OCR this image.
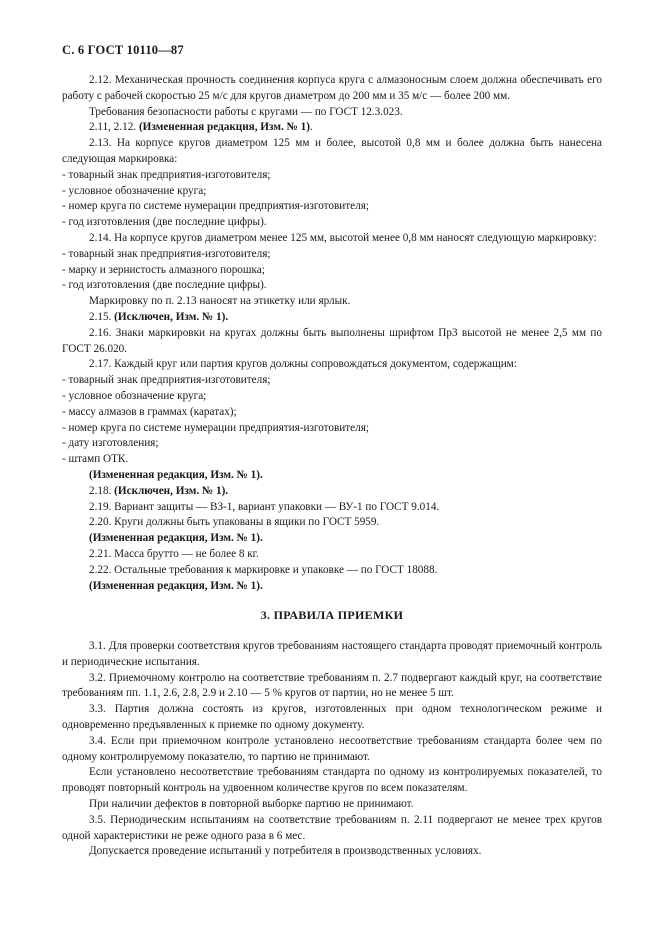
С. 6 ГОСТ 10110—87

2.12. Механическая прочность соединения корпуса круга с алмазоносным слоем должна обеспечивать его работу с рабочей скоростью 25 м/с для кругов диаметром до 200 мм и 35 м/с — более 200 мм.

Требования безопасности работы с кругами — по ГОСТ 12.3.023.

2.11, 2.12. (Измененная редакция, Изм. № 1).

2.13. На корпусе кругов диаметром 125 мм и более, высотой 0,8 мм и более должна быть нанесена следующая маркировка:

- товарный знак предприятия-изготовителя;

- условное обозначение круга;

- номер круга по системе нумерации предприятия-изготовителя;

- год изготовления (две последние цифры).

2.14. На корпусе кругов диаметром менее 125 мм, высотой менее 0,8 мм наносят следующую маркировку:

- товарный знак предприятия-изготовителя;

- марку и зернистость алмазного порошка;

- год изготовления (две последние цифры).

Маркировку по п. 2.13 наносят на этикетку или ярлык.

2.15. (Исключен, Изм. № 1).

2.16. Знаки маркировки на кругах должны быть выполнены шрифтом Пр3 высотой не менее 2,5 мм по ГОСТ 26.020.

2.17. Каждый круг или партия кругов должны сопровождаться документом, содержащим:

- товарный знак предприятия-изготовителя;

- условное обозначение круга;

- массу алмазов в граммах (каратах);

- номер круга по системе нумерации предприятия-изготовителя;

- дату изготовления;

- штамп ОТК.

(Измененная редакция, Изм. № 1).

2.18. (Исключен, Изм. № 1).

2.19. Вариант защиты — ВЗ-1, вариант упаковки — ВУ-1 по ГОСТ 9.014.

2.20. Круги должны быть упакованы в ящики по ГОСТ 5959.

(Измененная редакция, Изм. № 1).

2.21. Масса брутто — не более 8 кг.

2.22. Остальные требования к маркировке и упаковке — по ГОСТ 18088.

(Измененная редакция, Изм. № 1).

3. ПРАВИЛА ПРИЕМКИ

3.1. Для проверки соответствия кругов требованиям настоящего стандарта проводят приемочный контроль и периодические испытания.

3.2. Приемочному контролю на соответствие требованиям п. 2.7 подвергают каждый круг, на соответствие требованиям пп. 1.1, 2.6, 2.8, 2.9 и 2.10 — 5 % кругов от партии, но не менее 5 шт.

3.3. Партия должна состоять из кругов, изготовленных при одном технологическом режиме и одновременно предъявленных к приемке по одному документу.

3.4. Если при приемочном контроле установлено несоответствие требованиям стандарта более чем по одному контролируемому показателю, то партию не принимают.

Если установлено несоответствие требованиям стандарта по одному из контролируемых показателей, то проводят повторный контроль на удвоенном количестве кругов по всем показателям.

При наличии дефектов в повторной выборке партию не принимают.

3.5. Периодическим испытаниям на соответствие требованиям п. 2.11 подвергают не менее трех кругов одной характеристики не реже одного раза в 6 мес.

Допускается проведение испытаний у потребителя в производственных условиях.
